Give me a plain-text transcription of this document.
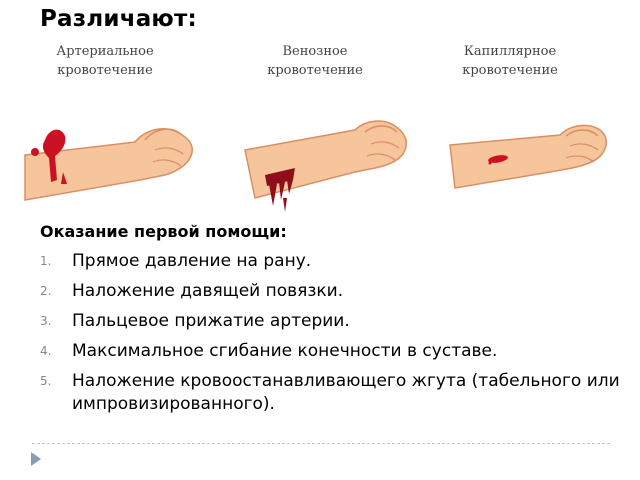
Различают:
Артериальное
кровотечение
Венозное
кровотечение
Капиллярное
кровотечение
Оказание первой помощи:
1.	Прямое давление на рану.
2.	Наложение давящей повязки.
3.	Пальцевое прижатие артерии.
4.	Максимальное сгибание конечности в суставе.
5.	Наложение кровоостанавливающего жгута (табельного или импровизированного).
